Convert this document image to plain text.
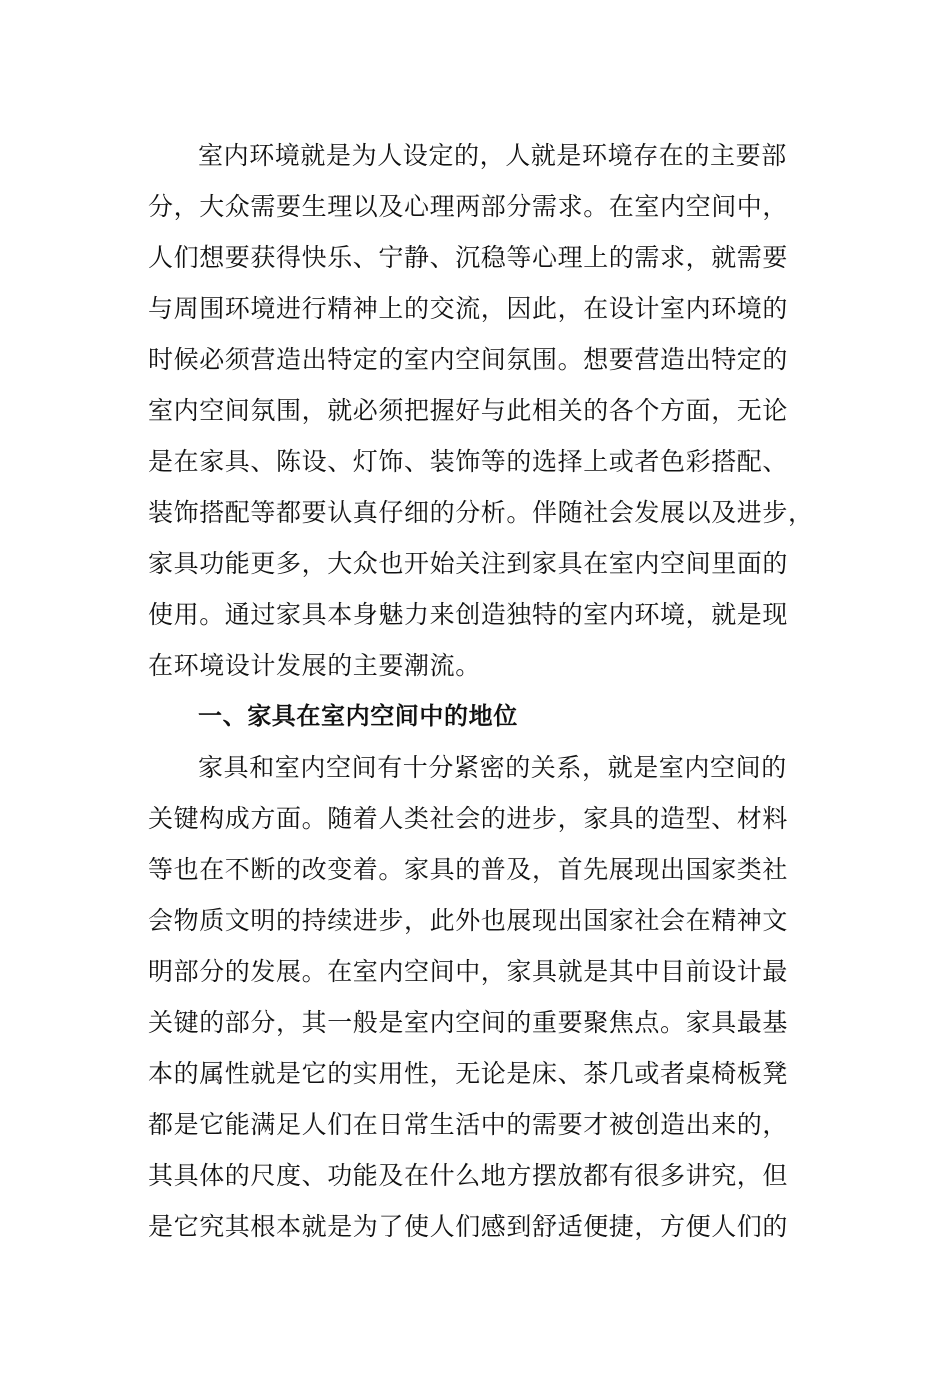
室内环境就是为人设定的，人就是环境存在的主要部
分，大众需要生理以及心理两部分需求。在室内空间中，
人们想要获得快乐、宁静、沉稳等心理上的需求，就需要
与周围环境进行精神上的交流，因此，在设计室内环境的
时候必须营造出特定的室内空间氛围。想要营造出特定的
室内空间氛围，就必须把握好与此相关的各个方面，无论
是在家具、陈设、灯饰、装饰等的选择上或者色彩搭配、
装饰搭配等都要认真仔细的分析。伴随社会发展以及进步，
家具功能更多，大众也开始关注到家具在室内空间里面的
使用。通过家具本身魅力来创造独特的室内环境，就是现
在环境设计发展的主要潮流。
一、家具在室内空间中的地位
家具和室内空间有十分紧密的关系，就是室内空间的
关键构成方面。随着人类社会的进步，家具的造型、材料
等也在不断的改变着。家具的普及，首先展现出国家类社
会物质文明的持续进步，此外也展现出国家社会在精神文
明部分的发展。在室内空间中，家具就是其中目前设计最
关键的部分，其一般是室内空间的重要聚焦点。家具最基
本的属性就是它的实用性，无论是床、茶几或者桌椅板凳
都是它能满足人们在日常生活中的需要才被创造出来的，
其具体的尺度、功能及在什么地方摆放都有很多讲究，但
是它究其根本就是为了使人们感到舒适便捷，方便人们的
